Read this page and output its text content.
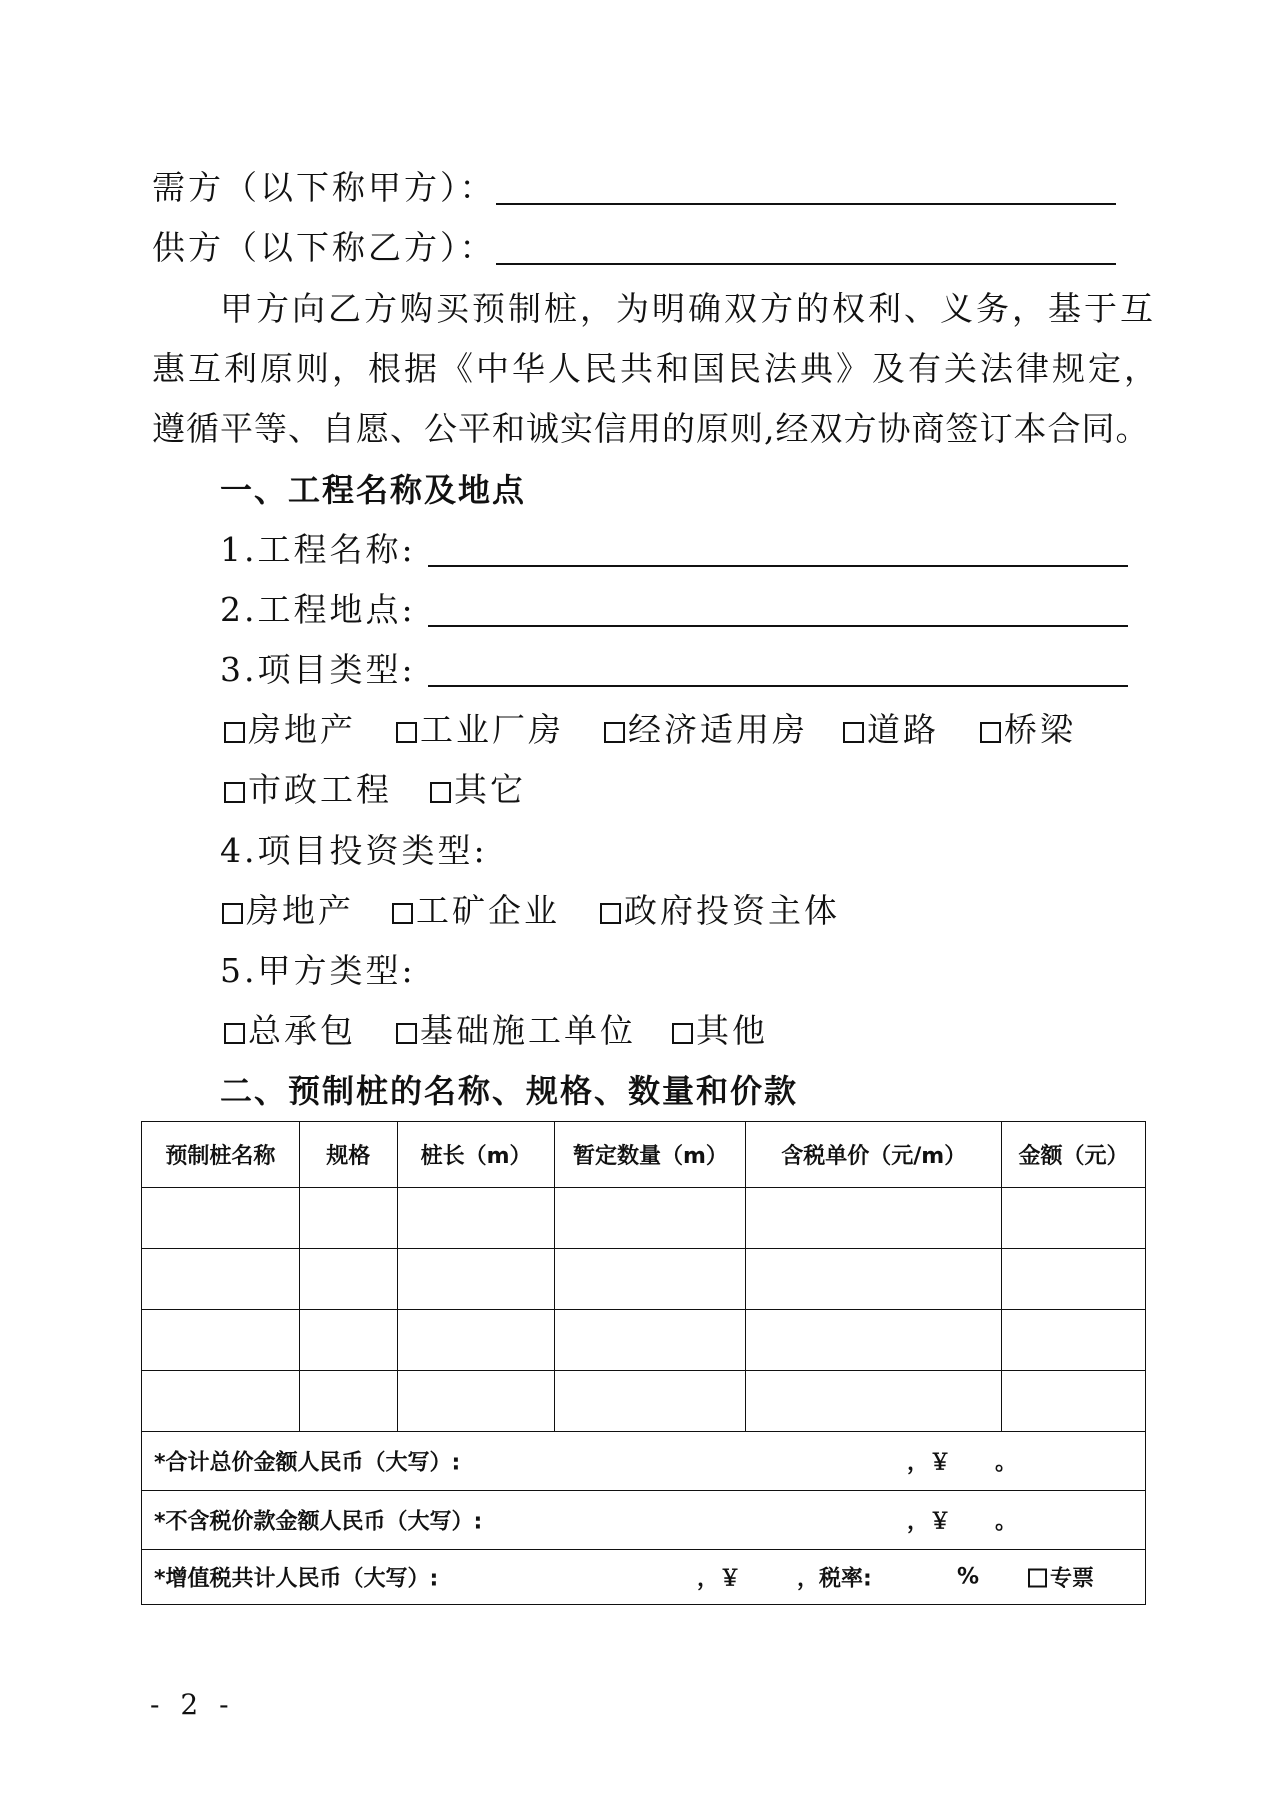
需方（以下称甲方）：
供方（以下称乙方）：
甲方向乙方购买预制桩，为明确双方的权利、义务，基于互
惠互利原则，根据《中华人民共和国民法典》及有关法律规定，
遵循平等、自愿、公平和诚实信用的原则,经双方协商签订本合同。
一、工程名称及地点
1.工程名称:
2.工程地点:
3.项目类型:
房地产	工业厂房	经济适用房	道路	桥梁
市政工程	其它
4.项目投资类型:
房地产	工矿企业	政府投资主体
5.甲方类型:
总承包	基础施工单位	其他
二、预制桩的名称、规格、数量和价款
预制桩名称	规格	桩长（m）	暂定数量（m）	含税单价（元/m）	金额（元）

*合计总价金额人民币（大写）: ，￥　　。					

*不含税价款金额人民币（大写）: ，￥　　。					

*增值税共计人民币（大写）: ，￥ ，税率: % 专票					
- 2 -
